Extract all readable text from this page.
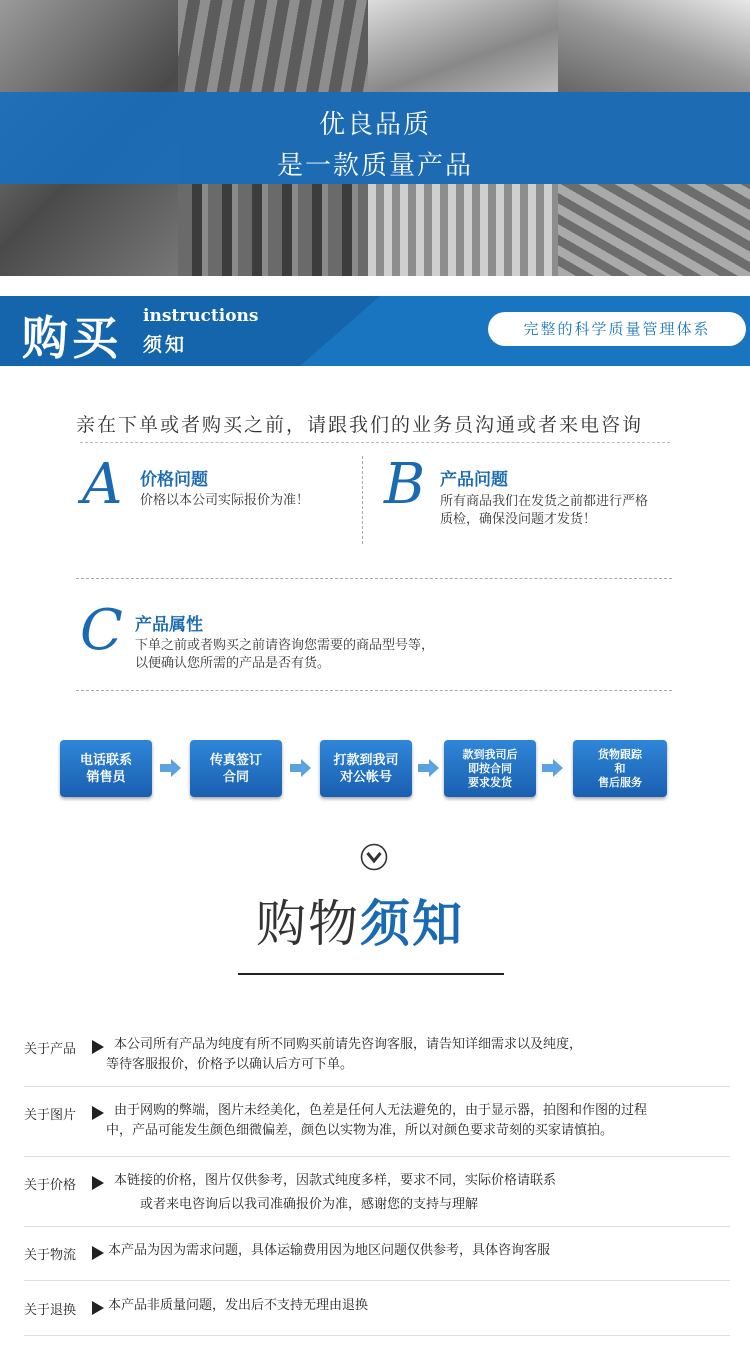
优良品质
是一款质量产品
购买 instructions
须知
完整的科学质量管理体系
亲在下单或者购买之前，请跟我们的业务员沟通或者来电咨询
A 价格问题
价格以本公司实际报价为准！ B 产品问题
所有商品我们在发货之前都进行严格
质检，确保没问题才发货！
C 产品属性
下单之前或者购买之前请咨询您需要的商品型号等，
以便确认您所需的产品是否有货。
电话联系
销售员
传真签订
合同
打款到我司
对公帐号
款到我司后
即按合同
要求发货
货物跟踪
和
售后服务
购物须知
关于产品	本公司所有产品为纯度有所不同购买前请先咨询客服，请告知详细需求以及纯度，
等待客服报价，价格予以确认后方可下单。
关于图片	由于网购的弊端，图片未经美化，色差是任何人无法避免的，由于显示器，拍图和作图的过程
中，产品可能发生颜色细微偏差，颜色以实物为准，所以对颜色要求苛刻的买家请慎拍。
关于价格	本链接的价格，图片仅供参考，因款式纯度多样，要求不同，实际价格请联系
或者来电咨询后以我司准确报价为准，感谢您的支持与理解
关于物流 本产品为因为需求问题，具体运输费用因为地区问题仅供参考，具体咨询客服
关于退换 本产品非质量问题，发出后不支持无理由退换
